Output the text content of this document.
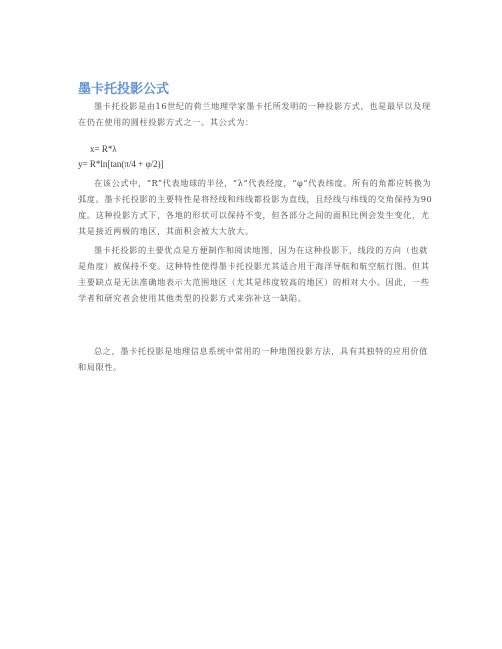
墨卡托投影公式

墨卡托投影是由16世纪的荷兰地理学家墨卡托所发明的一种投影方式，也是最早以及现在仍在使用的圆柱投影方式之一。其公式为：

x= R*λ
y= R*ln[tan(π/4 + φ/2)]

在该公式中，“R”代表地球的半径，“λ”代表经度，“φ”代表纬度。所有的角都应转换为弧度。墨卡托投影的主要特性是将经线和纬线都投影为直线，且经线与纬线的交角保持为90度。这种投影方式下，各地的形状可以保持不变，但各部分之间的面积比例会发生变化，尤其是接近两极的地区，其面积会被大大放大。

墨卡托投影的主要优点是方便制作和阅读地图，因为在这种投影下，线段的方向（也就是角度）被保持不变。这种特性使得墨卡托投影尤其适合用于海洋导航和航空航行图。但其主要缺点是无法准确地表示大范围地区（尤其是纬度较高的地区）的相对大小。因此，一些学者和研究者会使用其他类型的投影方式来弥补这一缺陷。

总之，墨卡托投影是地理信息系统中常用的一种地图投影方法，具有其独特的应用价值和局限性。
